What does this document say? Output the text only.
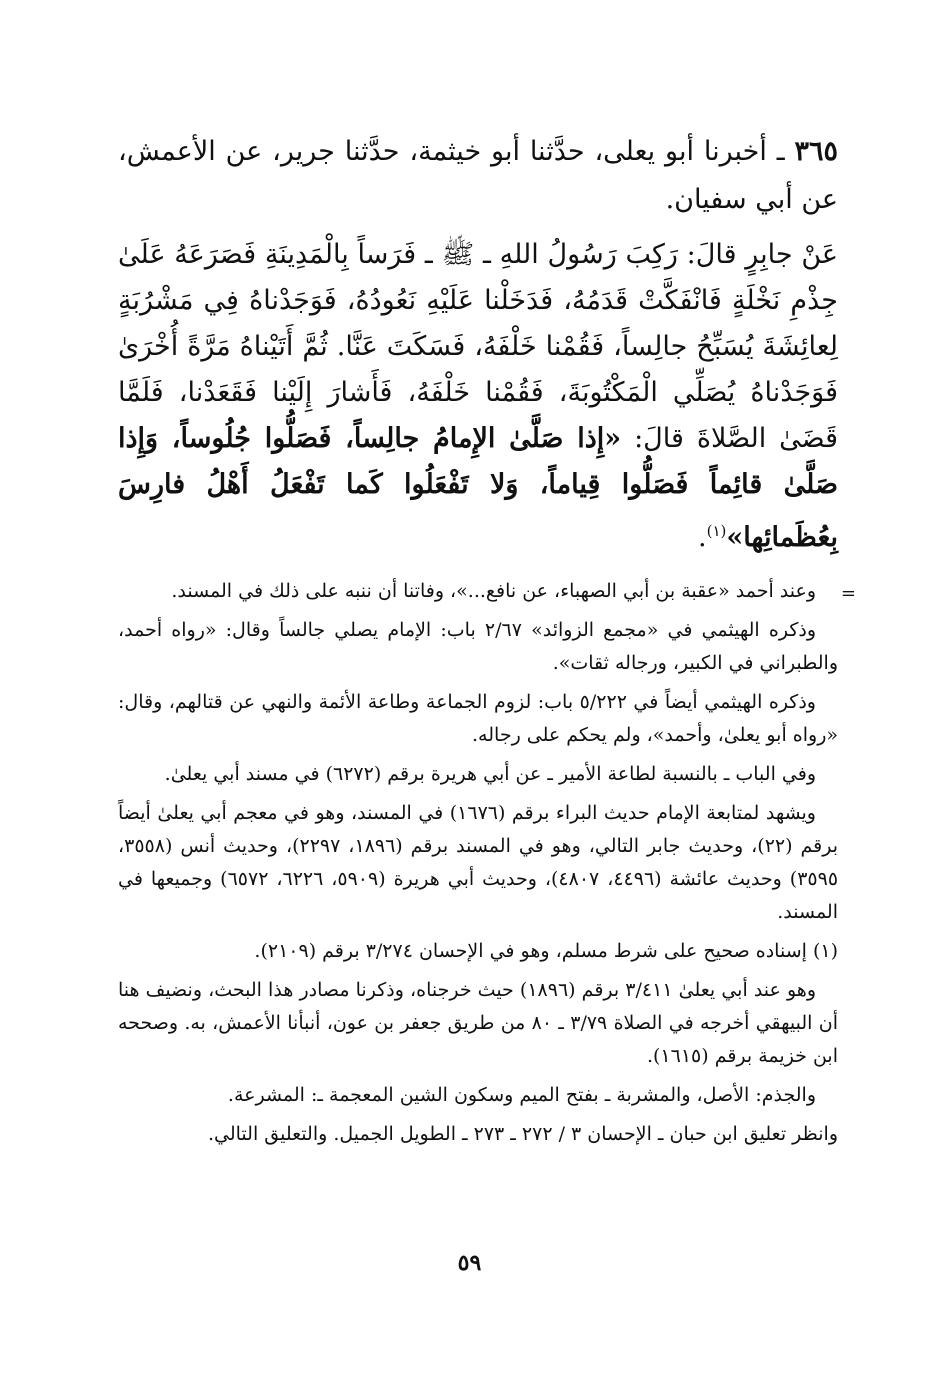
٣٦٥ ـ أخبرنا أبو يعلى، حدَّثنا أبو خيثمة، حدَّثنا جرير، عن الأعمش، عن أبي سفيان.

عَنْ جابِرٍ قالَ: رَكِبَ رَسُولُ اللهِ ـ ﷺ ـ فَرَساً بِالْمَدِينَةِ فَصَرَعَهُ عَلَىٰ جِذْمِ نَخْلَةٍ فَانْفَكَّتْ قَدَمُهُ، فَدَخَلْنا عَلَيْهِ نَعُودُهُ، فَوَجَدْناهُ فِي مَشْرُبَةٍ لِعائِشَةَ يُسَبِّحُ جالِساً، فَقُمْنا خَلْفَهُ، فَسَكَتَ عَنَّا. ثُمَّ أَتَيْناهُ مَرَّةً أُخْرَىٰ فَوَجَدْناهُ يُصَلِّي الْمَكْتُوبَةَ، فَقُمْنا خَلْفَهُ، فَأَشارَ إِلَيْنا فَقَعَدْنا، فَلَمَّا قَضَىٰ الصَّلاةَ قالَ: «إِذا صَلَّىٰ الإِمامُ جالِساً، فَصَلُّوا جُلُوساً، وَإِذا صَلَّىٰ قائِماً فَصَلُّوا قِياماً، وَلا تَفْعَلُوا كَما تَفْعَلُ أَهْلُ فارِسَ بِعُظَمائِها»$^{(١)}$.

=
وعند أحمد «عقبة بن أبي الصهباء، عن نافع...»، وفاتنا أن ننبه على ذلك في المسند.

وذكره الهيثمي في «مجمع الزوائد» ٢/٦٧ باب: الإمام يصلي جالساً وقال: «رواه أحمد، والطبراني في الكبير، ورجاله ثقات».

وذكره الهيثمي أيضاً في ٥/٢٢٢ باب: لزوم الجماعة وطاعة الأئمة والنهي عن قتالهم، وقال: «رواه أبو يعلىٰ، وأحمد»، ولم يحكم على رجاله.

وفي الباب ـ بالنسبة لطاعة الأمير ـ عن أبي هريرة برقم (٦٢٧٢) في مسند أبي يعلىٰ.

ويشهد لمتابعة الإمام حديث البراء برقم (١٦٧٦) في المسند، وهو في معجم أبي يعلىٰ أيضاً برقم (٢٢)، وحديث جابر التالي، وهو في المسند برقم (١٨٩٦، ٢٢٩٧)، وحديث أنس (٣٥٥٨، ٣٥٩٥) وحديث عائشة (٤٤٩٦، ٤٨٠٧)، وحديث أبي هريرة (٥٩٠٩، ٦٢٢٦، ٦٥٧٢) وجميعها في المسند.

(١) إسناده صحيح على شرط مسلم، وهو في الإحسان ٣/٢٧٤ برقم (٢١٠٩).

وهو عند أبي يعلىٰ ٣/٤١١ برقم (١٨٩٦) حيث خرجناه، وذكرنا مصادر هذا البحث، ونضيف هنا أن البيهقي أخرجه في الصلاة ٣/٧٩ ـ ٨٠ من طريق جعفر بن عون، أنبأنا الأعمش، به. وصححه ابن خزيمة برقم (١٦١٥).

والجذم: الأصل، والمشربة ـ بفتح الميم وسكون الشين المعجمة ـ: المشرعة.

وانظر تعليق ابن حبان ـ الإحسان ٣ / ٢٧٢ ـ ٢٧٣ ـ الطويل الجميل. والتعليق التالي.

٥٩
